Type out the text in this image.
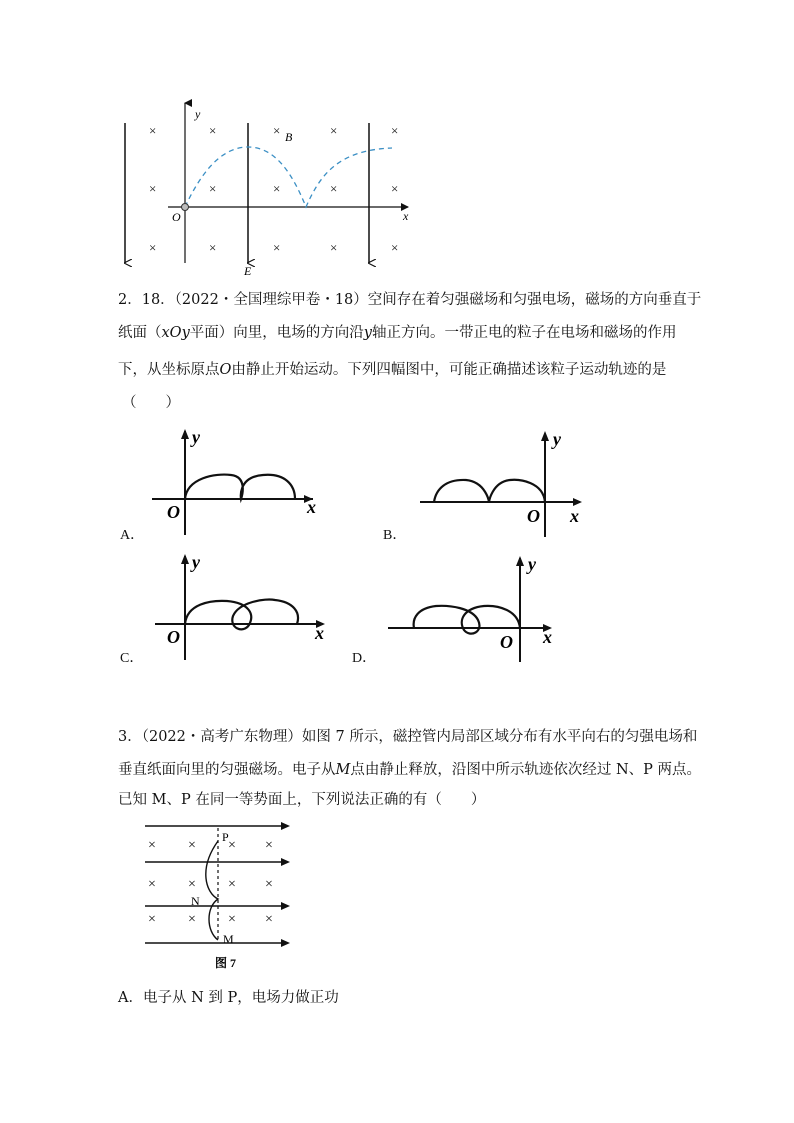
×	×	×	×	×
×	×	×	×	×
×	×	×	×	×
y
B
O	x
E
2．18．（2022・全国理综甲卷・18）空间存在着匀强磁场和匀强电场，磁场的方向垂直于
纸面（xOy平面）向里，电场的方向沿y轴正方向。一带正电的粒子在电场和磁场的作用
下，从坐标原点O由静止开始运动。下列四幅图中，可能正确描述该粒子运动轨迹的是
（　　）
y
O	x
A．
y
O x
B．
y
O	x
C．
y
O x
D．
3．（2022・高考广东物理）如图 7 所示，磁控管内局部区域分布有水平向右的匀强电场和
垂直纸面向里的匀强磁场。电子从M点由静止释放，沿图中所示轨迹依次经过 N、P 两点。
已知 M、P 在同一等势面上，下列说法正确的有（　　）
× × × ×
× × × ×
× × × ×
P
N
M
图 7
A．电子从 N 到 P，电场力做正功
